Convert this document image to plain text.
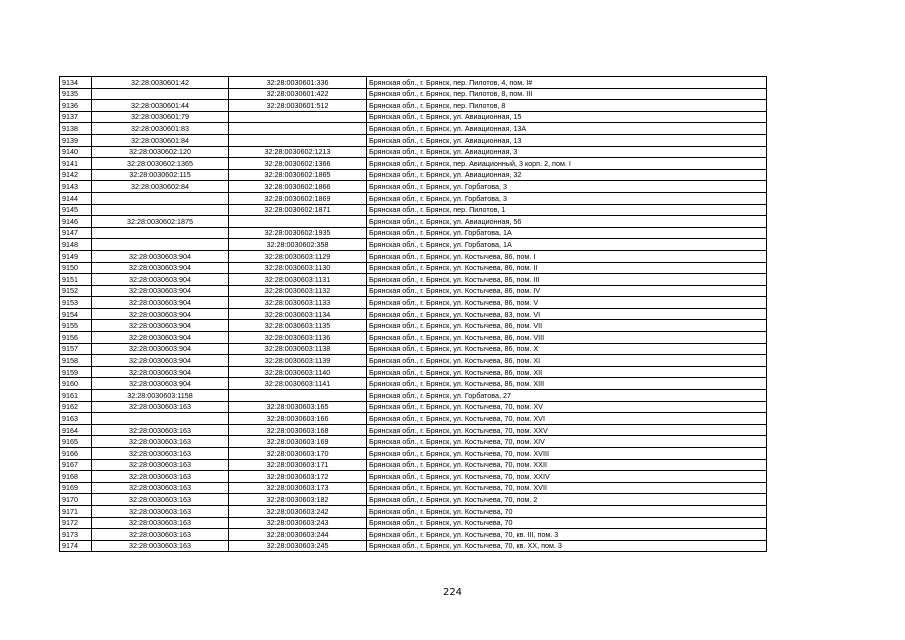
9134	32:28:0030601:42	32:28:0030601:336	Брянская обл., г. Брянск, пер. Пилотов, 4, пом. I#
9135		32:28:0030601:422	Брянская обл., г. Брянск, пер. Пилотов, 8, пом. III
9136	32:28:0030601:44	32:28:0030601:512	Брянская обл., г. Брянск, пер. Пилотов, 8
9137	32:28:0030601:79		Брянская обл., г. Брянск, ул. Авиационная, 15
9138	32:28:0030601:83		Брянская обл., г. Брянск, ул. Авиационная, 13А
9139	32:28:0030601:84		Брянская обл., г. Брянск, ул. Авиационная, 13
9140	32:28:0030602:120	32:28:0030602:1213	Брянская обл., г. Брянск, ул. Авиационная, 3
9141	32:28:0030602:1365	32:28:0030602:1366	Брянская обл., г. Брянск, пер. Авиационный, 3 корп. 2, пом. I
9142	32:28:0030602:115	32:28:0030602:1865	Брянская обл., г. Брянск, ул. Авиационная, 32
9143	32:28:0030602:84	32:28:0030602:1866	Брянская обл., г. Брянск, ул. Горбатова, 3
9144		32:28:0030602:1869	Брянская обл., г. Брянск, ул. Горбатова, 3
9145		32:28:0030602:1871	Брянская обл., г. Брянск, пер. Пилотов, 1
9146	32:28:0030602:1875		Брянская обл., г. Брянск, ул. Авиационная, 56
9147		32:28:0030602:1935	Брянская обл., г. Брянск, ул. Горбатова, 1А
9148		32:28:0030602:358	Брянская обл., г. Брянск, ул. Горбатова, 1А
9149	32:28:0030603:904	32:28:0030603:1129	Брянская обл., г. Брянск, ул. Костычева, 86, пом. I
9150	32:28:0030603:904	32:28:0030603:1130	Брянская обл., г. Брянск, ул. Костычева, 86, пом. II
9151	32:28:0030603:904	32:28:0030603:1131	Брянская обл., г. Брянск, ул. Костычева, 86, пом. III
9152	32:28:0030603:904	32:28:0030603:1132	Брянская обл., г. Брянск, ул. Костычева, 86, пом. IV
9153	32:28:0030603:904	32:28:0030603:1133	Брянская обл., г. Брянск, ул. Костычева, 86, пом. V
9154	32:28:0030603:904	32:28:0030603:1134	Брянская обл., г. Брянск, ул. Костычева, 83, пом. VI
9155	32:28:0030603:904	32:28:0030603:1135	Брянская обл., г. Брянск, ул. Костычева, 86, пом. VII
9156	32:28:0030603:904	32:28:0030603:1136	Брянская обл., г. Брянск, ул. Костычева, 86, пом. VIII
9157	32:28:0030603:904	32:28:0030603:1138	Брянская обл., г. Брянск, ул. Костычева, 86, пом. X
9158	32:28:0030603:904	32:28:0030603:1139	Брянская обл., г. Брянск, ул. Костычева, 86, пом. XI
9159	32:28:0030603:904	32:28:0030603:1140	Брянская обл., г. Брянск, ул. Костычева, 86, пом. XII
9160	32:28:0030603:904	32:28:0030603:1141	Брянская обл., г. Брянск, ул. Костычева, 86, пом. XIII
9161	32:28:0030603:1158		Брянская обл., г. Брянск, ул. Горбатова, 27
9162	32:28:0030603:163	32:28:0030603:165	Брянская обл., г. Брянск, ул. Костычева, 70, пом. XV
9163		32:28:0030603:166	Брянская обл., г. Брянск, ул. Костычева, 70, пом. XVI
9164	32:28:0030603:163	32:28:0030603:168	Брянская обл., г. Брянск, ул. Костычева, 70, пом. XXV
9165	32:28:0030603:163	32:28:0030603:169	Брянская обл., г. Брянск, ул. Костычева, 70, пом. XIV
9166	32:28:0030603:163	32:28:0030603:170	Брянская обл., г. Брянск, ул. Костычева, 70, пом. XVIII
9167	32:28:0030603:163	32:28:0030603:171	Брянская обл., г. Брянск, ул. Костычева, 70, пом. XXII
9168	32:28:0030603:163	32:28:0030603:172	Брянская обл., г. Брянск, ул. Костычева, 70, пом. XXIV
9169	32:28:0030603:163	32:28:0030603:173	Брянская обл., г. Брянск, ул. Костычева, 70, пом. XVII
9170	32:28:0030603:163	32:28:0030603:182	Брянская обл., г. Брянск, ул. Костычева, 70, пом. 2
9171	32:28:0030603:163	32:28:0030603:242	Брянская обл., г. Брянск, ул. Костычева, 70
9172	32:28:0030603:163	32:28:0030603:243	Брянская обл., г. Брянск, ул. Костычева, 70
9173	32:28:0030603:163	32:28:0030603:244	Брянская обл., г. Брянск, ул. Костычева, 70, кв. III, пом. 3
9174	32:28:0030603:163	32:28:0030603:245	Брянская обл., г. Брянск, ул. Костычева, 70, кв. XX, пом. 3
224
